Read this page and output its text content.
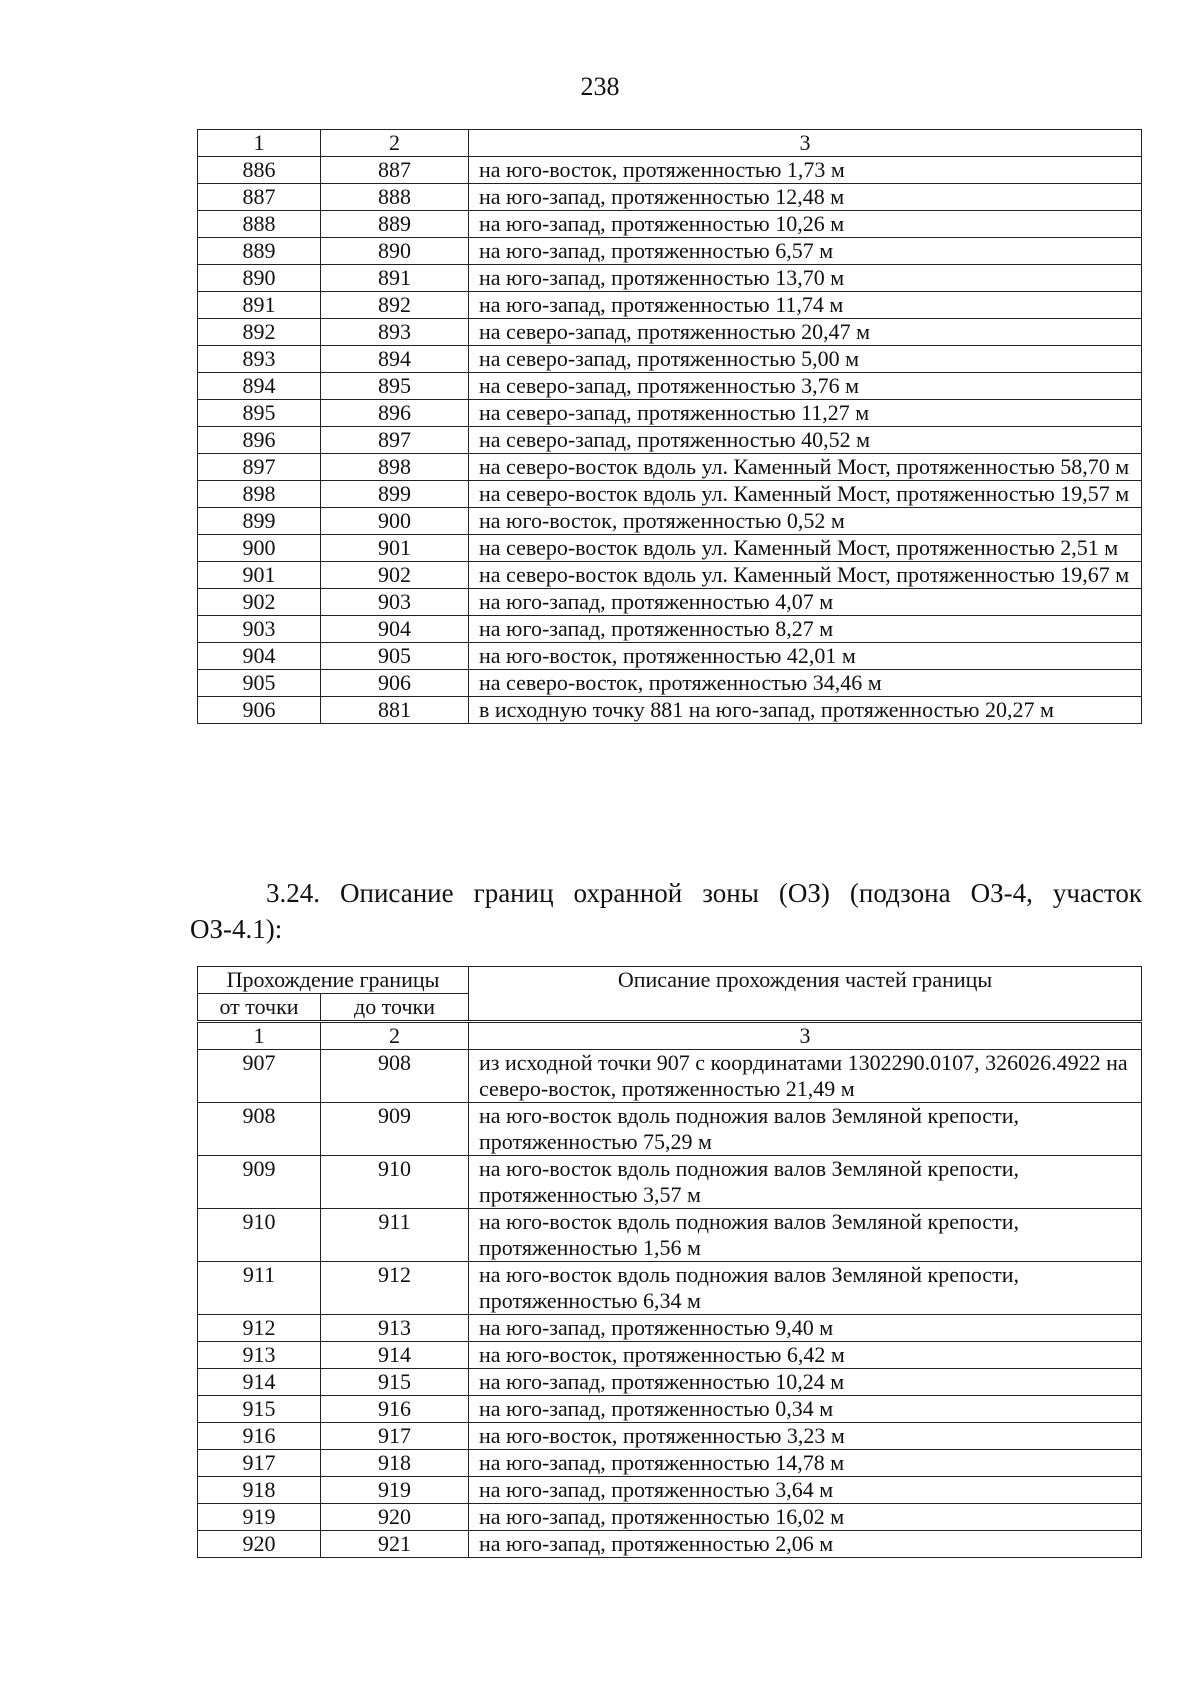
238
1	2	3
886	887	на юго-восток, протяженностью 1,73 м
887	888	на юго-запад, протяженностью 12,48 м
888	889	на юго-запад, протяженностью 10,26 м
889	890	на юго-запад, протяженностью 6,57 м
890	891	на юго-запад, протяженностью 13,70 м
891	892	на юго-запад, протяженностью 11,74 м
892	893	на северо-запад, протяженностью 20,47 м
893	894	на северо-запад, протяженностью 5,00 м
894	895	на северо-запад, протяженностью 3,76 м
895	896	на северо-запад, протяженностью 11,27 м
896	897	на северо-запад, протяженностью 40,52 м
897	898	на северо-восток вдоль ул. Каменный Мост, протяженностью 58,70 м
898	899	на северо-восток вдоль ул. Каменный Мост, протяженностью 19,57 м
899	900	на юго-восток, протяженностью 0,52 м
900	901	на северо-восток вдоль ул. Каменный Мост, протяженностью 2,51 м
901	902	на северо-восток вдоль ул. Каменный Мост, протяженностью 19,67 м
902	903	на юго-запад, протяженностью 4,07 м
903	904	на юго-запад, протяженностью 8,27 м
904	905	на юго-восток, протяженностью 42,01 м
905	906	на северо-восток, протяженностью 34,46 м
906	881	в исходную точку 881 на юго-запад, протяженностью 20,27 м
3.24. Описание границ охранной зоны (ОЗ) (подзона ОЗ-4, участок
ОЗ-4.1):
Прохождение границы		Описание прохождения частей границы
от точки	до точки	
1	2	3
907	908	из исходной точки 907 с координатами 1302290.0107, 326026.4922 на северо-восток, протяженностью 21,49 м
908	909	на юго-восток вдоль подножия валов Земляной крепости, протяженностью 75,29 м
909	910	на юго-восток вдоль подножия валов Земляной крепости, протяженностью 3,57 м
910	911	на юго-восток вдоль подножия валов Земляной крепости, протяженностью 1,56 м
911	912	на юго-восток вдоль подножия валов Земляной крепости, протяженностью 6,34 м
912	913	на юго-запад, протяженностью 9,40 м
913	914	на юго-восток, протяженностью 6,42 м
914	915	на юго-запад, протяженностью 10,24 м
915	916	на юго-запад, протяженностью 0,34 м
916	917	на юго-восток, протяженностью 3,23 м
917	918	на юго-запад, протяженностью 14,78 м
918	919	на юго-запад, протяженностью 3,64 м
919	920	на юго-запад, протяженностью 16,02 м
920	921	на юго-запад, протяженностью 2,06 м
